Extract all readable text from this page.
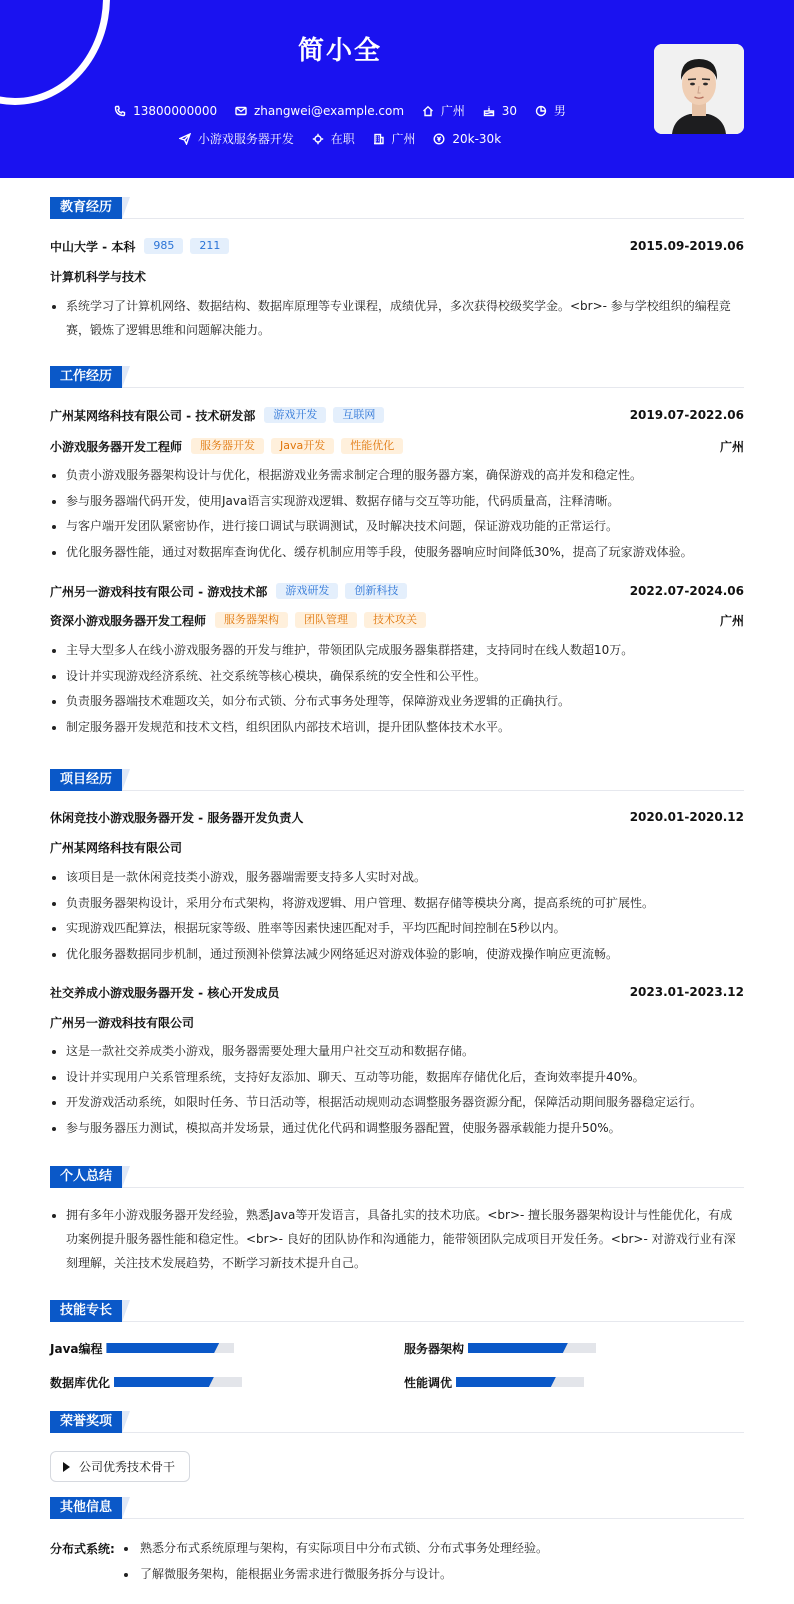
简小全
13800000000
	zhangwei@example.com
	广州
	30
	男
小游戏服务器开发
	在职
	广州
	20k-30k
教育经历
中山大学 - 本科	985	211	2015.09-2019.06
计算机科学与技术
系统学习了计算机网络、数据结构、数据库原理等专业课程，成绩优异，多次获得校级奖学金。<br>- 参与学校组织的编程竞赛，锻炼了逻辑思维和问题解决能力。
工作经历
广州某网络科技有限公司 - 技术研发部	游戏开发	互联网	2019.07-2022.06
小游戏服务器开发工程师	服务器开发	Java开发	性能优化	广州
负责小游戏服务器架构设计与优化，根据游戏业务需求制定合理的服务器方案，确保游戏的高并发和稳定性。
参与服务器端代码开发，使用Java语言实现游戏逻辑、数据存储与交互等功能，代码质量高，注释清晰。
与客户端开发团队紧密协作，进行接口调试与联调测试，及时解决技术问题，保证游戏功能的正常运行。
优化服务器性能，通过对数据库查询优化、缓存机制应用等手段，使服务器响应时间降低30%，提高了玩家游戏体验。
广州另一游戏科技有限公司 - 游戏技术部	游戏研发	创新科技	2022.07-2024.06
资深小游戏服务器开发工程师	服务器架构	团队管理	技术攻关	广州
主导大型多人在线小游戏服务器的开发与维护，带领团队完成服务器集群搭建，支持同时在线人数超10万。
设计并实现游戏经济系统、社交系统等核心模块，确保系统的安全性和公平性。
负责服务器端技术难题攻关，如分布式锁、分布式事务处理等，保障游戏业务逻辑的正确执行。
制定服务器开发规范和技术文档，组织团队内部技术培训，提升团队整体技术水平。
项目经历
休闲竞技小游戏服务器开发 - 服务器开发负责人	2020.01-2020.12
广州某网络科技有限公司
该项目是一款休闲竞技类小游戏，服务器端需要支持多人实时对战。
负责服务器架构设计，采用分布式架构，将游戏逻辑、用户管理、数据存储等模块分离，提高系统的可扩展性。
实现游戏匹配算法，根据玩家等级、胜率等因素快速匹配对手，平均匹配时间控制在5秒以内。
优化服务器数据同步机制，通过预测补偿算法减少网络延迟对游戏体验的影响，使游戏操作响应更流畅。
社交养成小游戏服务器开发 - 核心开发成员	2023.01-2023.12
广州另一游戏科技有限公司
这是一款社交养成类小游戏，服务器需要处理大量用户社交互动和数据存储。
设计并实现用户关系管理系统，支持好友添加、聊天、互动等功能，数据库存储优化后，查询效率提升40%。
开发游戏活动系统，如限时任务、节日活动等，根据活动规则动态调整服务器资源分配，保障活动期间服务器稳定运行。
参与服务器压力测试，模拟高并发场景，通过优化代码和调整服务器配置，使服务器承载能力提升50%。
个人总结
拥有多年小游戏服务器开发经验，熟悉Java等开发语言，具备扎实的技术功底。<br>- 擅长服务器架构设计与性能优化，有成功案例提升服务器性能和稳定性。<br>- 良好的团队协作和沟通能力，能带领团队完成项目开发任务。<br>- 对游戏行业有深刻理解，关注技术发展趋势，不断学习新技术提升自己。
技能专长
Java编程	服务器架构
数据库优化	性能调优
荣誉奖项
公司优秀技术骨干
其他信息
分布式系统:	熟悉分布式系统原理与架构，有实际项目中分布式锁、分布式事务处理经验。
了解微服务架构，能根据业务需求进行微服务拆分与设计。
